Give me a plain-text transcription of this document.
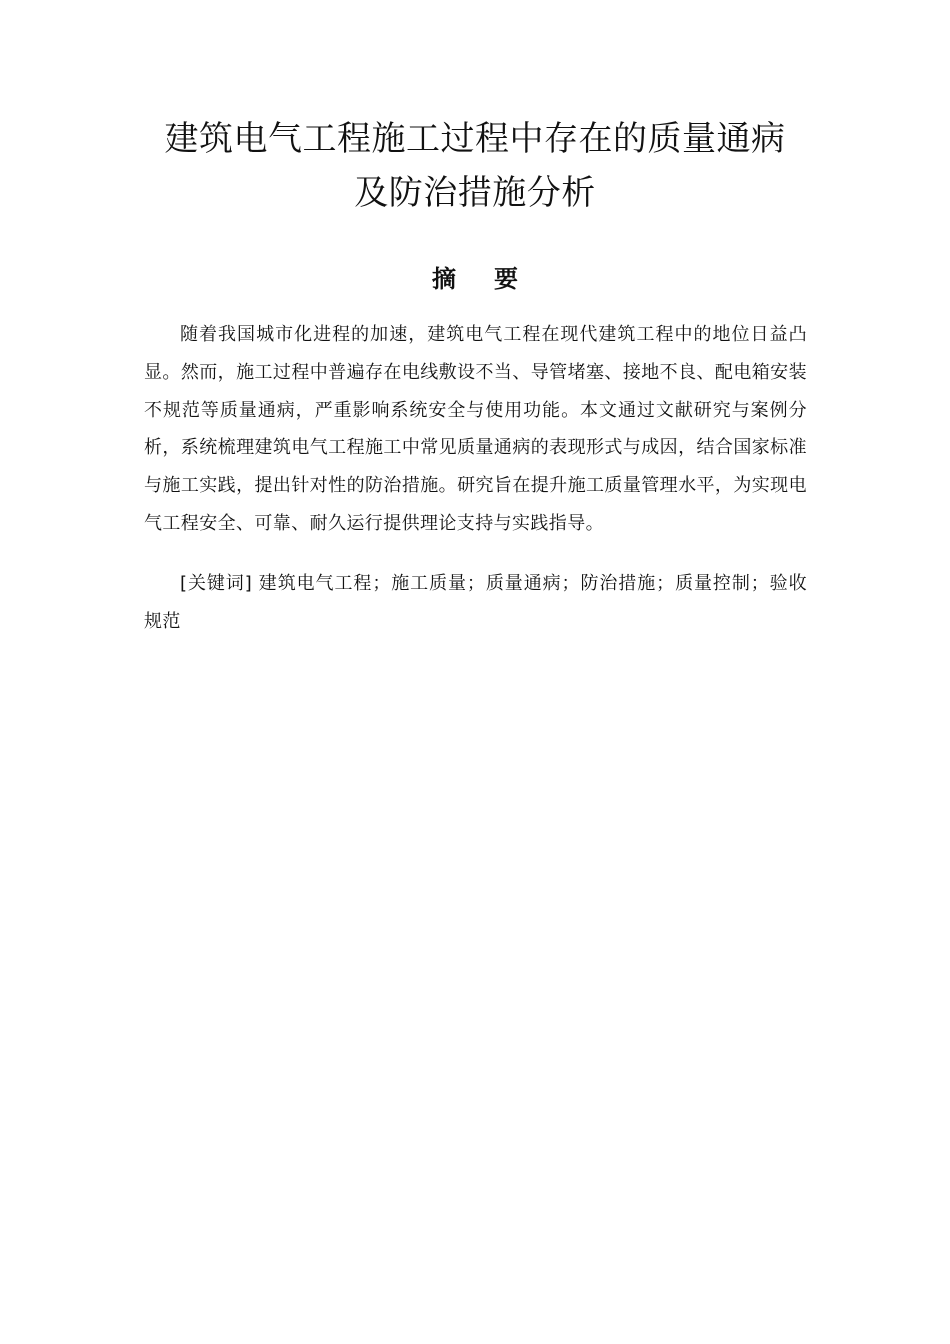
建筑电气工程施工过程中存在的质量通病
及防治措施分析
摘要

随着我国城市化进程的加速，建筑电气工程在现代建筑工程中的地位日益凸显。然而，施工过程中普遍存在电线敷设不当、导管堵塞、接地不良、配电箱安装不规范等质量通病，严重影响系统安全与使用功能。本文通过文献研究与案例分析，系统梳理建筑电气工程施工中常见质量通病的表现形式与成因，结合国家标准与施工实践，提出针对性的防治措施。研究旨在提升施工质量管理水平，为实现电气工程安全、可靠、耐久运行提供理论支持与实践指导。

[关键词] 建筑电气工程；施工质量；质量通病；防治措施；质量控制；验收规范
